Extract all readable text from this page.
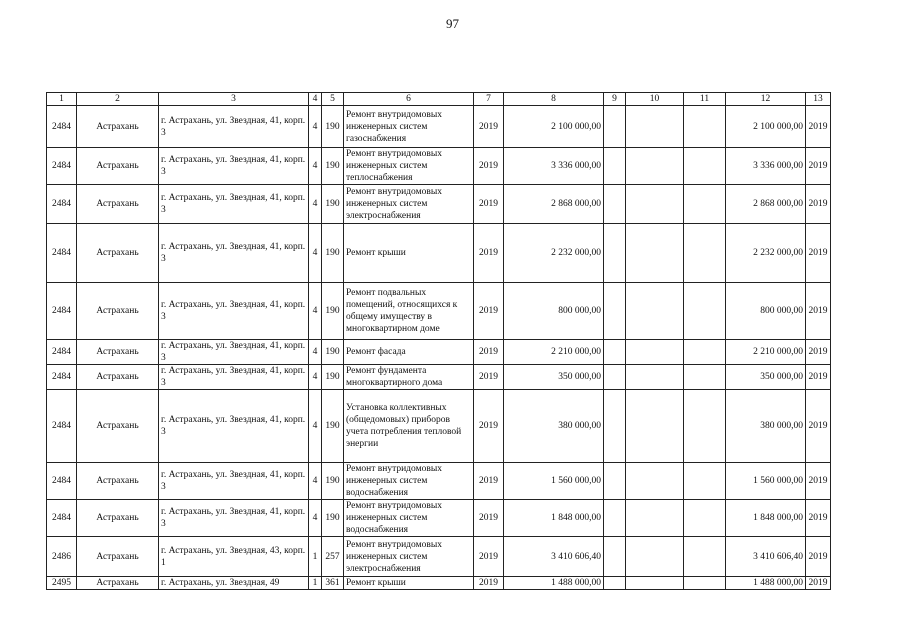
97
1	2	3	4	5	6	7	8	9	10	11	12	13
2484	Астрахань	г. Астрахань, ул. Звездная, 41, корп. 3	4	190	Ремонт внутридомовых инженерных систем газоснабжения	2019	2 100 000,00				2 100 000,00	2019
2484	Астрахань	г. Астрахань, ул. Звездная, 41, корп. 3	4	190	Ремонт внутридомовых инженерных систем теплоснабжения	2019	3 336 000,00				3 336 000,00	2019
2484	Астрахань	г. Астрахань, ул. Звездная, 41, корп. 3	4	190	Ремонт внутридомовых инженерных систем электроснабжения	2019	2 868 000,00				2 868 000,00	2019
2484	Астрахань	г. Астрахань, ул. Звездная, 41, корп. 3	4	190	Ремонт крыши	2019	2 232 000,00				2 232 000,00	2019
2484	Астрахань	г. Астрахань, ул. Звездная, 41, корп. 3	4	190	Ремонт подвальных помещений, относящихся к общему имуществу в многоквартирном доме	2019	800 000,00				800 000,00	2019
2484	Астрахань	г. Астрахань, ул. Звездная, 41, корп. 3	4	190	Ремонт фасада	2019	2 210 000,00				2 210 000,00	2019
2484	Астрахань	г. Астрахань, ул. Звездная, 41, корп. 3	4	190	Ремонт фундамента многоквартирного дома	2019	350 000,00				350 000,00	2019
2484	Астрахань	г. Астрахань, ул. Звездная, 41, корп. 3	4	190	Установка коллективных (общедомовых) приборов учета потребления тепловой энергии	2019	380 000,00				380 000,00	2019
2484	Астрахань	г. Астрахань, ул. Звездная, 41, корп. 3	4	190	Ремонт внутридомовых инженерных систем водоснабжения	2019	1 560 000,00				1 560 000,00	2019
2484	Астрахань	г. Астрахань, ул. Звездная, 41, корп. 3	4	190	Ремонт внутридомовых инженерных систем водоснабжения	2019	1 848 000,00				1 848 000,00	2019
2486	Астрахань	г. Астрахань, ул. Звездная, 43, корп. 1	1	257	Ремонт внутридомовых инженерных систем электроснабжения	2019	3 410 606,40				3 410 606,40	2019
2495	Астрахань	г. Астрахань, ул. Звездная, 49	1	361	Ремонт крыши	2019	1 488 000,00				1 488 000,00	2019
